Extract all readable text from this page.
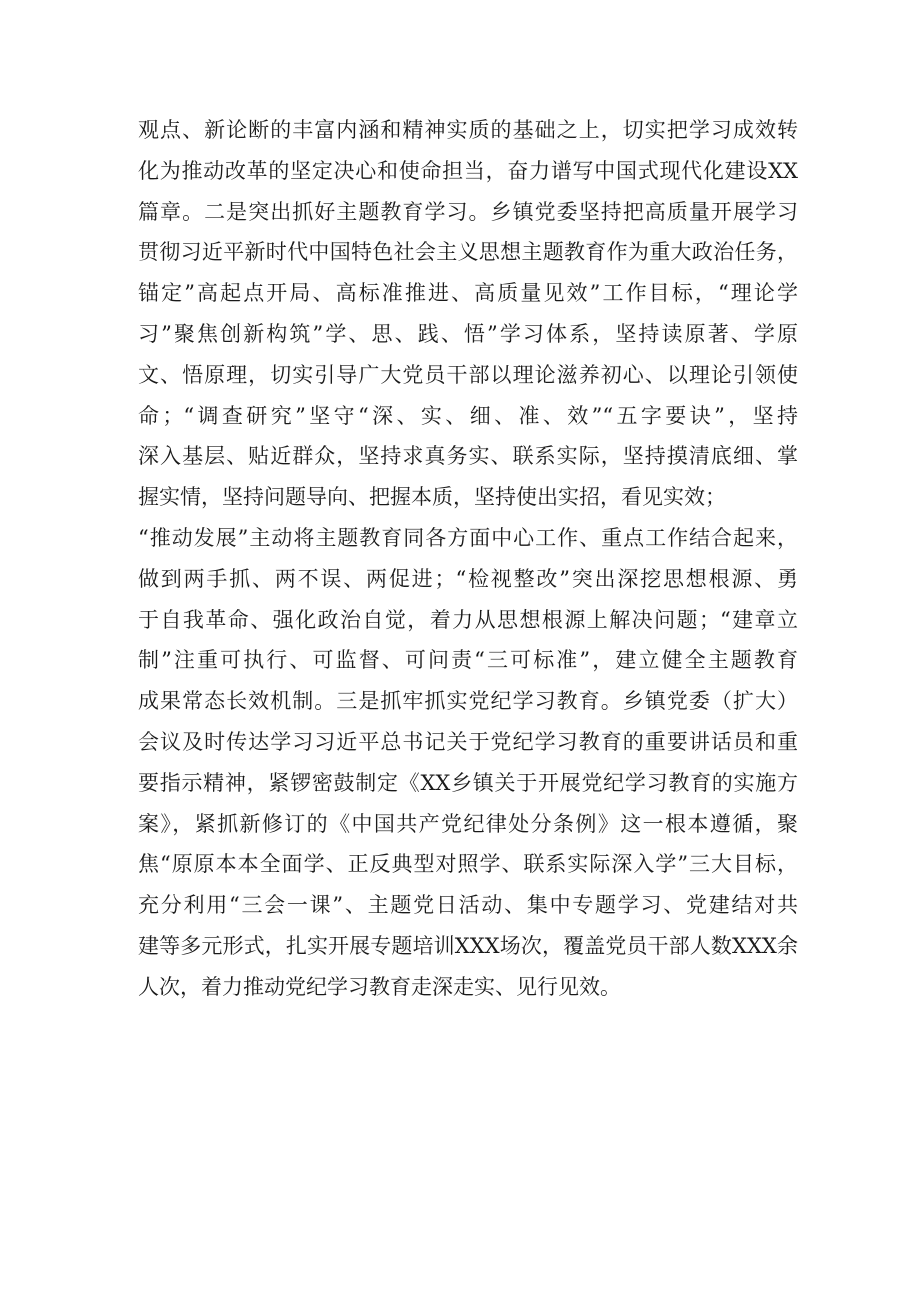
观点、新论断的丰富内涵和精神实质的基础之上，切实把学习成效转
化为推动改革的坚定决心和使命担当，奋力谱写中国式现代化建设XX
篇章。二是突出抓好主题教育学习。乡镇党委坚持把高质量开展学习
贯彻习近平新时代中国特色社会主义思想主题教育作为重大政治任务，
锚定”高起点开局、高标准推进、高质量见效”工作目标，“理论学
习”聚焦创新构筑”学、思、践、悟”学习体系，坚持读原著、学原
文、悟原理，切实引导广大党员干部以理论滋养初心、以理论引领使
命；“调查研究”坚守“深、实、细、准、效”“五字要诀”，坚持
深入基层、贴近群众，坚持求真务实、联系实际，坚持摸清底细、掌
握实情，坚持问题导向、把握本质，坚持使出实招，看见实效；
“推动发展”主动将主题教育同各方面中心工作、重点工作结合起来，
做到两手抓、两不误、两促进；“检视整改”突出深挖思想根源、勇
于自我革命、强化政治自觉，着力从思想根源上解决问题；“建章立
制”注重可执行、可监督、可问责“三可标准”，建立健全主题教育
成果常态长效机制。三是抓牢抓实党纪学习教育。乡镇党委（扩大）
会议及时传达学习习近平总书记关于党纪学习教育的重要讲话员和重
要指示精神，紧锣密鼓制定《XX乡镇关于开展党纪学习教育的实施方
案》，紧抓新修订的《中国共产党纪律处分条例》这一根本遵循，聚
焦“原原本本全面学、正反典型对照学、联系实际深入学”三大目标，
充分利用“三会一课”、主题党日活动、集中专题学习、党建结对共
建等多元形式，扎实开展专题培训XXX场次，覆盖党员干部人数XXX余
人次，着力推动党纪学习教育走深走实、见行见效。
